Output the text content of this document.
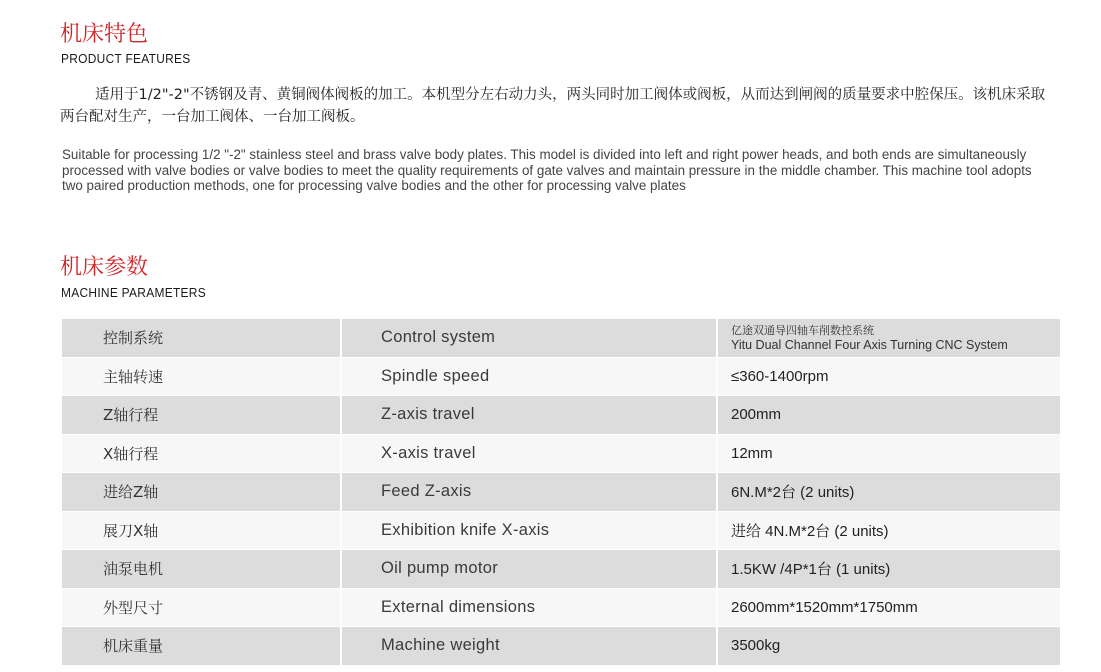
机床特色
PRODUCT FEATURES

适用于1/2"-2"不锈钢及青、黄铜阀体阀板的加工。本机型分左右动力头，两头同时加工阀体或阀板，从而达到闸阀的质量要求中腔保压。该机床采取两台配对生产，一台加工阀体、一台加工阀板。

Suitable for processing 1/2 "-2" stainless steel and brass valve body plates. This model is divided into left and right power heads, and both ends are simultaneously processed with valve bodies or valve bodies to meet the quality requirements of gate valves and maintain pressure in the middle chamber. This machine tool adopts two paired production methods, one for processing valve bodies and the other for processing valve plates

机床参数
MACHINE PARAMETERS
控制系统	Control system	亿途双通导四轴车削数控系统
Yitu Dual Channel Four Axis Turning CNC System

主轴转速	Spindle speed	≤360-1400rpm
Z轴行程	Z-axis travel	200mm
X轴行程	X-axis travel	12mm
进给Z轴	Feed Z-axis	6N.M*2台 (2 units)
展刀X轴	Exhibition knife X-axis	进给 4N.M*2台 (2 units)
油泵电机	Oil pump motor	1.5KW /4P*1台 (1 units)
外型尺寸	External dimensions	2600mm*1520mm*1750mm
机床重量	Machine weight	3500kg
